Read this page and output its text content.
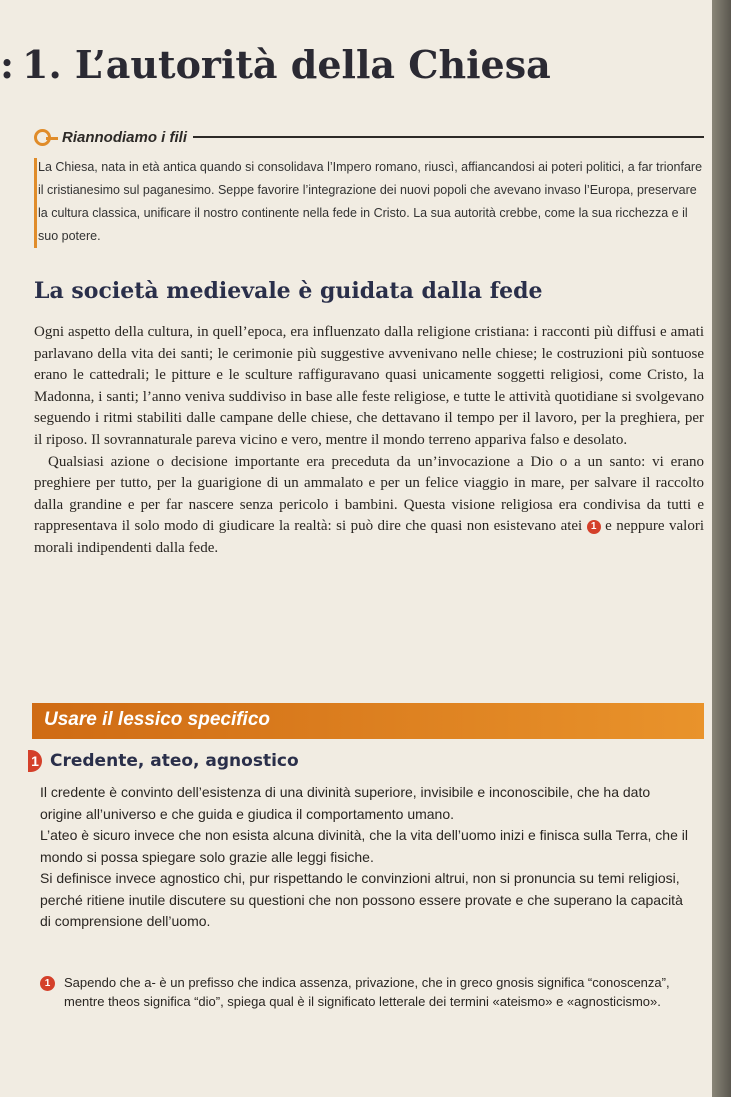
: 1. L’autorità della Chiesa
Riannodiamo i fili

La Chiesa, nata in età antica quando si consolidava l’Impero romano, riuscì, affiancandosi ai poteri politici, a far trionfare il cristianesimo sul paganesimo. Seppe favorire l’integrazione dei nuovi popoli che avevano invaso l’Europa, preservare la cultura classica, unificare il nostro continente nella fede in Cristo. La sua autorità crebbe, come la sua ricchezza e il suo potere.

La società medievale è guidata dalla fede

Ogni aspetto della cultura, in quell’epoca, era influenzato dalla religione cristiana: i racconti più diffusi e amati parlavano della vita dei santi; le cerimonie più suggestive avvenivano nelle chiese; le costruzioni più sontuose erano le cattedrali; le pitture e le sculture raffiguravano quasi unicamente soggetti religiosi, come Cristo, la Madonna, i santi; l’anno veniva suddiviso in base alle feste religiose, e tutte le attività quotidiane si svolgevano seguendo i ritmi stabiliti dalle campane delle chiese, che dettavano il tempo per il lavoro, per la preghiera, per il riposo. Il sovrannaturale pareva vicino e vero, mentre il mondo terreno appariva falso e desolato.

Qualsiasi azione o decisione importante era preceduta da un’invocazione a Dio o a un santo: vi erano preghiere per tutto, per la guarigione di un ammalato e per un felice viaggio in mare, per salvare il raccolto dalla grandine e per far nascere senza pericolo i bambini. Questa visione religiosa era condivisa da tutti e rappresentava il solo modo di giudicare la realtà: si può dire che quasi non esistevano atei 1 e neppure valori morali indipendenti dalla fede.

Usare il lessico specifico
1 Credente, ateo, agnostico

Il credente è convinto dell’esistenza di una divinità superiore, invisibile e inconoscibile, che ha dato origine all’universo e che guida e giudica il comportamento umano.

L’ateo è sicuro invece che non esista alcuna divinità, che la vita dell’uomo inizi e finisca sulla Terra, che il mondo si possa spiegare solo grazie alle leggi fisiche.

Si definisce invece agnostico chi, pur rispettando le convinzioni altrui, non si pronuncia su temi religiosi, perché ritiene inutile discutere su questioni che non possono essere provate e che superano la capacità di comprensione dell’uomo.

1	Sapendo che a- è un prefisso che indica assenza, privazione, che in greco gnosis significa “conoscenza”, mentre theos significa “dio”, spiega qual è il significato letterale dei termini «ateismo» e «agnosticismo».
